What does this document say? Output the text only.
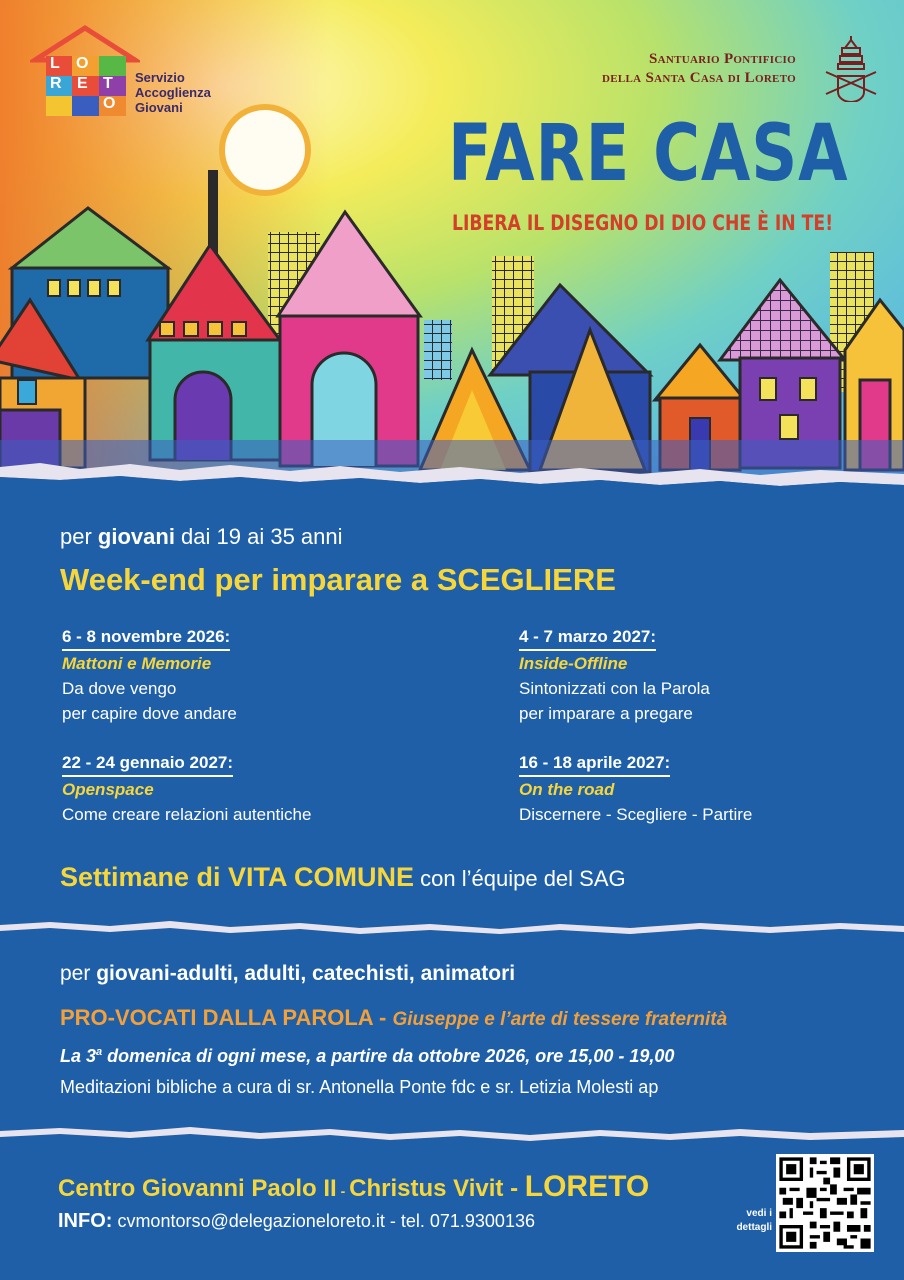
L O
R E T
O
Servizio
Accoglienza
Giovani
Santuario Pontificio
della Santa Casa di Loreto
FARE CASA
LIBERA IL DISEGNO DI DIO CHE È IN TE!
per giovani dai 19 ai 35 anni
Week-end per imparare a SCEGLIERE
6 - 8 novembre 2026:
Mattoni e Memorie
Da dove vengo
per capire dove andare
4 - 7 marzo 2027:
Inside-Offline
Sintonizzati con la Parola
per imparare a pregare
22 - 24 gennaio 2027:
Openspace
Come creare relazioni autentiche
16 - 18 aprile 2027:
On the road
Discernere - Scegliere - Partire
Settimane di VITA COMUNE con l’équipe del SAG
per giovani-adulti, adulti, catechisti, animatori
PRO-VOCATI DALLA PAROLA - Giuseppe e l’arte di tessere fraternità
La 3$^a$ domenica di ogni mese, a partire da ottobre 2026, ore 15,00 - 19,00
Meditazioni bibliche a cura di sr. Antonella Ponte fdc e sr. Letizia Molesti ap
Centro Giovanni Paolo II - Christus Vivit - LORETO
INFO: cvmontorso@delegazioneloreto.it - tel. 071.9300136	vedi i
dettagli
